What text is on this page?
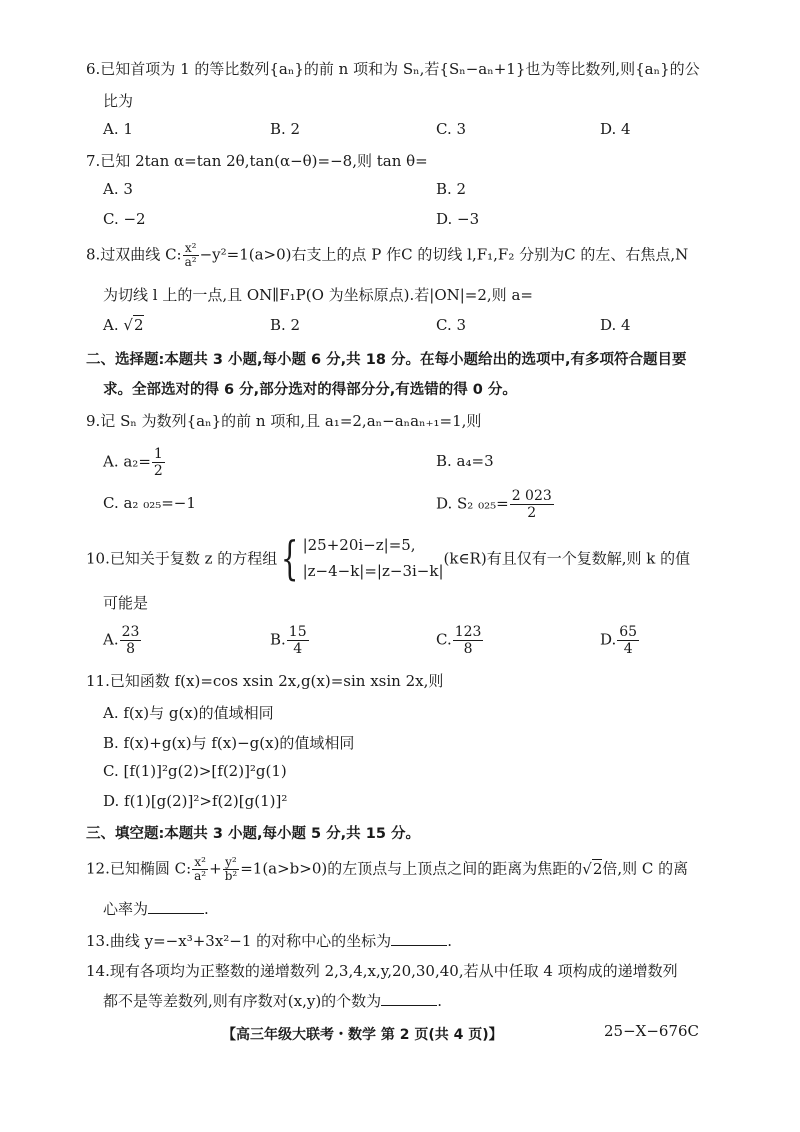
6.已知首项为 1 的等比数列{aₙ}的前 n 项和为 Sₙ,若{Sₙ−aₙ+1}也为等比数列,则{aₙ}的公
比为
A. 1	B. 2	C. 3	D. 4
7.已知 2tan α=tan 2θ,tan(α−θ)=−8,则 tan θ=
A. 3	B. 2
C. −2	D. −3
8.过双曲线 C: $\frac{\text{x²}}{\text{a²}} -y^2=1(a>0)$右支上的点 P 作C 的切线 l,F₁,F₂ 分别为C 的左、右焦点,N
为切线 l 上的一点,且 ON∥F₁P(O 为坐标原点).若|ON|=2,则 a=
A. √2	B. 2	C. 3	D. 4
二、选择题:本题共 3 小题,每小题 6 分,共 18 分。在每小题给出的选项中,有多项符合题目要
求。全部选对的得 6 分,部分选对的得部分分,有选错的得 0 分。
9.记 Sₙ 为数列{aₙ}的前 n 项和,且 a₁=2,aₙ−aₙaₙ₊₁=1,则
A. $a_2= \frac{1}{2}$	B. a₄=3
C. a₂ ₀₂₅=−1	D. S₂ $_{025}= \frac{2 023}{2}$
10.已知关于复数 z 的方程组{ |25+20i−z|=5,
|z−4−k|=|z−3i−k|
(k∈R)有且仅有一个复数解,则 k 的值
可能是
A. $\frac{23}{8}$	B. $\frac{15}{4}$	C. $\frac{123}{8}$	D. $\frac{65}{4}$
11.已知函数 f(x)=cos xsin 2x,g(x)=sin xsin 2x,则
A. f(x)与 g(x)的值域相同
B. f(x)+g(x)与 f(x)−g(x)的值域相同
C. [f(1)]²g(2)>[f(2)]²g(1)
D. f(1)[g(2)]²>f(2)[g(1)]²
三、填空题:本题共 3 小题,每小题 5 分,共 15 分。
12.已知椭圆 C: $\frac{\text{x²}}{\text{a²}} + \frac{\text{y²}}{\text{b²}} =1(a>b>0)$的左顶点与上顶点之间的距离为焦距的√2倍,则 C 的离
心率为	.
13.曲线 y=−x³+3x²−1 的对称中心的坐标为	.
14.现有各项均为正整数的递增数列 2,3,4,x,y,20,30,40,若从中任取 4 项构成的递增数列
都不是等差数列,则有序数对(x,y)的个数为	.
【高三年级大联考・数学 第 2 页(共 4 页)】	25−X−676C
